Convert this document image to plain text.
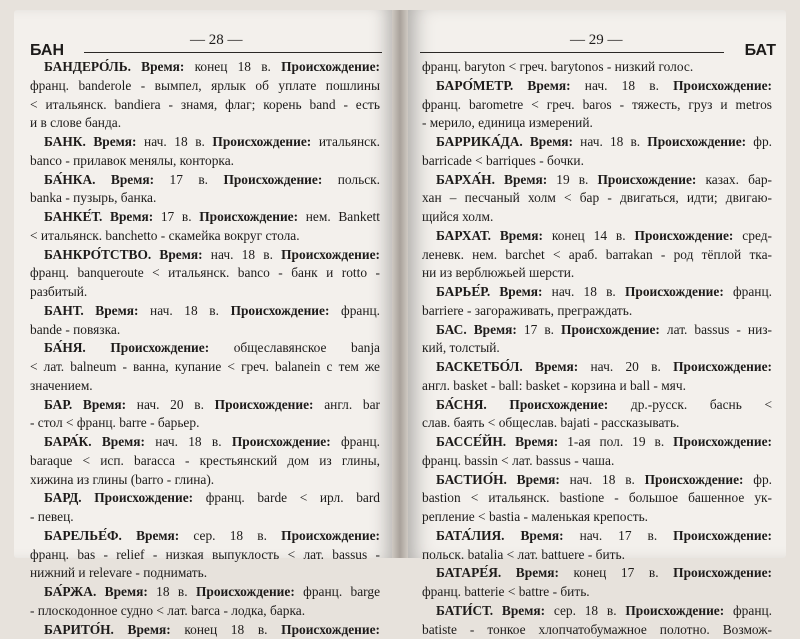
— 28 —
БАН
БАНДЕРО́ЛЬ. Время: конец 18 в. Происхождение:
франц. banderole - вымпел, ярлык об уплате пошлины
< итальянск. bandiera - знамя, флаг; корень band - есть
и в слове банда.
БАНК. Время: нач. 18 в. Происхождение: итальянск.
banco - прилавок менялы, конторка.
БА́НКА. Время: 17 в. Происхождение: польск.
banka - пузырь, банка.
БАНКЕ́Т. Время: 17 в. Происхождение: нем. Bankett
< итальянск. banchetto - скамейка вокруг стола.
БАНКРО́ТСТВО. Время: нач. 18 в. Происхождение:
франц. banqueroute < итальянск. banco - банк и rotto -
разбитый.
БАНТ. Время: нач. 18 в. Происхождение: франц.
bande - повязка.
БА́НЯ. Происхождение: общеславянское banja
< лат. balneum - ванна, купание < греч. balanein с тем же
значением.
БАР. Время: нач. 20 в. Происхождение: англ. bar
- стол < франц. barre - барьер.
БАРА́К. Время: нач. 18 в. Происхождение: франц.
baraque < исп. baracca - крестьянский дом из глины,
хижина из глины (barro - глина).
БАРД. Происхождение: франц. barde < ирл. bard
- певец.
БАРЕЛЬЕ́Ф. Время: сер. 18 в. Происхождение:
франц. bas - relief - низкая выпуклость < лат. bassus -
нижний и relevare - поднимать.
БА́РЖА. Время: 18 в. Происхождение: франц. barge
- плоскодонное судно < лат. barca - лодка, барка.
БАРИТО́Н. Время: конец 18 в. Происхождение:
— 29 —
БАТ
франц. baryton < греч. barytonos - низкий голос.
БАРО́МЕТР. Время: нач. 18 в. Происхождение:
франц. barometre < греч. baros - тяжесть, груз и metros
- мерило, единица измерений.
БАРРИКА́ДА. Время: нач. 18 в. Происхождение: фр.
barricade < barriques - бочки.
БАРХА́Н. Время: 19 в. Происхождение: казах. бар-
хан – песчаный холм < бар - двигаться, идти; двигаю-
щийся холм.
БАРХАТ. Время: конец 14 в. Происхождение: сред-
леневк. нем. barchet < араб. barrakan - род тёплой тка-
ни из верблюжьей шерсти.
БАРЬЕ́Р. Время: нач. 18 в. Происхождение: франц.
barriere - загораживать, преграждать.
БАС. Время: 17 в. Происхождение: лат. bassus - низ-
кий, толстый.
БАСКЕТБО́Л. Время: нач. 20 в. Происхождение:
англ. basket - ball: basket - корзина и ball - мяч.
БА́СНЯ. Происхождение: др.-русск. баснь <
слав. баять < общеслав. bajati - рассказывать.
БАССЕ́ЙН. Время: 1-ая пол. 19 в. Происхождение:
франц. bassin < лат. bassus - чаша.
БАСТИО́Н. Время: нач. 18 в. Происхождение: фр.
bastion < итальянск. bastione - большое башенное ук-
репление < bastia - маленькая крепость.
БАТА́ЛИЯ. Время: нач. 17 в. Происхождение:
польск. batalia < лат. battuere - бить.
БАТАРЕ́Я. Время: конец 17 в. Происхождение:
франц. batterie < battre - бить.
БАТИ́СТ. Время: сер. 18 в. Происхождение: франц.
batiste - тонкое хлопчатобумажное полотно. Возмож-
